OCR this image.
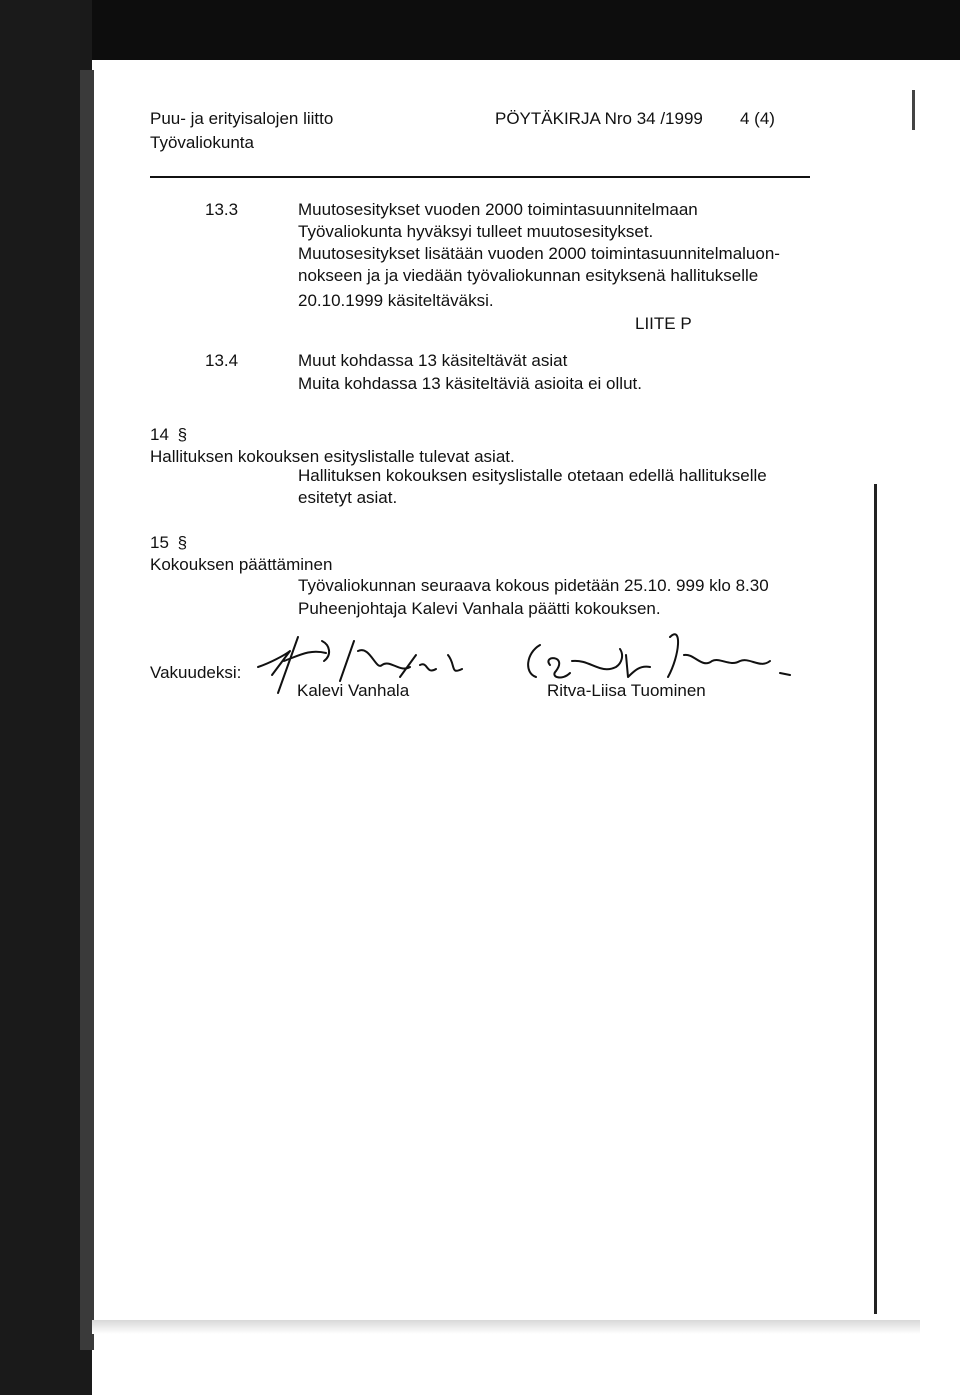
Puu- ja erityisalojen liitto
Työvaliokunta
PÖYTÄKIRJA Nro 34 /1999 4 (4)
13.3	Muutosesitykset vuoden 2000 toimintasuunnitelmaan
Työvaliokunta hyväksyi tulleet muutosesitykset.
Muutosesitykset lisätään vuoden 2000 toimintasuunnitelmaluon-
nokseen ja ja viedään työvaliokunnan esityksenä hallitukselle
20.10.1999 käsiteltäväksi.
LIITE P
13.4	Muut kohdassa 13 käsiteltävät asiat
Muita kohdassa 13 käsiteltäviä asioita ei ollut.
14 §
Hallituksen kokouksen esityslistalle tulevat asiat.
Hallituksen kokouksen esityslistalle otetaan edellä hallitukselle
esitetyt asiat.
15 §
Kokouksen päättäminen
Työvaliokunnan seuraava kokous pidetään 25.10. 999 klo 8.30
Puheenjohtaja Kalevi Vanhala päätti kokouksen.
Vakuudeksi:
Kalevi Vanhala	Ritva-Liisa Tuominen
